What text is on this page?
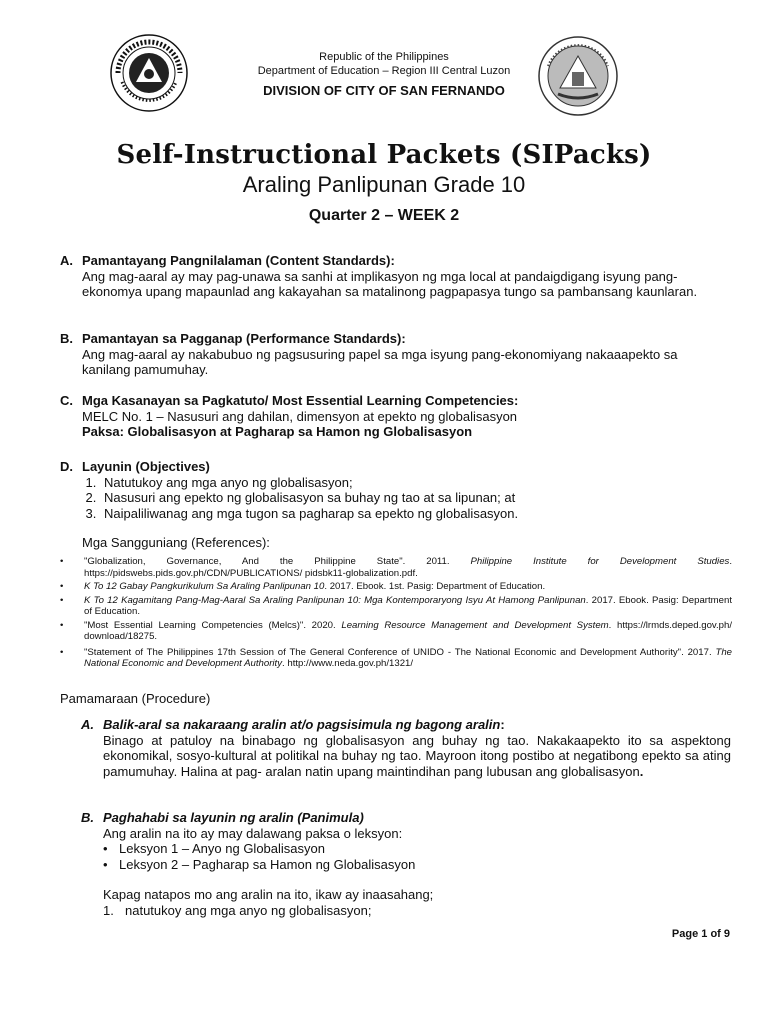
Republic of the Philippines
Department of Education – Region III Central Luzon
DIVISION OF CITY OF SAN FERNANDO
Self-Instructional Packets (SIPacks)
Araling Panlipunan Grade 10
Quarter 2 – WEEK 2
A. Pamantayang Pangnilalaman (Content Standards):
Ang mag-aaral ay may pag-unawa sa sanhi at implikasyon ng mga local at pandaigdigang isyung pang-ekonomya upang mapaunlad ang kakayahan sa matalinong pagpapasya tungo sa pambansang kaunlaran.
B. Pamantayan sa Pagganap (Performance Standards):
Ang mag-aaral ay nakabubuo ng pagsusuring papel sa mga isyung pang-ekonomiyang nakaaapekto sa kanilang pamumuhay.
C. Mga Kasanayan sa Pagkatuto/ Most Essential Learning Competencies:
MELC No. 1 – Nasusuri ang dahilan, dimensyon at epekto ng globalisasyon
Paksa: Globalisasyon at Pagharap sa Hamon ng Globalisasyon
D. Layunin (Objectives)
1. Natutukoy ang mga anyo ng globalisasyon;
2. Nasusuri ang epekto ng globalisasyon sa buhay ng tao at sa lipunan; at
3. Naipaliliwanag ang mga tugon sa pagharap sa epekto ng globalisasyon.
Mga Sangguniang (References):
•	"Globalization, Governance, And the Philippine State". 2011. Philippine Institute for Development Studies. https://pidswebs.pids.gov.ph/CDN/PUBLICATIONS/ pidsbk11-globalization.pdf.
•	K To 12 Gabay Pangkurikulum Sa Araling Panlipunan 10. 2017. Ebook. 1st. Pasig: Department of Education.
•	K To 12 Kagamitang Pang-Mag-Aaral Sa Araling Panlipunan 10: Mga Kontemporaryong Isyu At Hamong Panlipunan. 2017. Ebook. Pasig: Department of Education.
•	"Most Essential Learning Competencies (Melcs)". 2020. Learning Resource Management and Development System. https://lrmds.deped.gov.ph/ download/18275.
•	"Statement of The Philippines 17th Session of The General Conference of UNIDO - The National Economic and Development Authority". 2017. The National Economic and Development Authority. http://www.neda.gov.ph/1321/
Pamamaraan (Procedure)
A. Balik-aral sa nakaraang aralin at/o pagsisimula ng bagong aralin :
Binago at patuloy na binabago ng globalisasyon ang buhay ng tao. Nakakaapekto ito sa aspektong ekonomikal, sosyo-kultural at politikal na buhay ng tao. Mayroon itong postibo at negatibong epekto sa ating pamumuhay. Halina at pag- aralan natin upang maintindihan pang lubusan ang globalisasyon.
B. Paghahabi sa layunin ng aralin (Panimula)
Ang aralin na ito ay may dalawang paksa o leksyon:
• Leksyon 1 – Anyo ng Globalisasyon
• Leksyon 2 – Pagharap sa Hamon ng Globalisasyon
Kapag natapos mo ang aralin na ito, ikaw ay inaasahang;
1. natutukoy ang mga anyo ng globalisasyon;
Page 1 of 9
